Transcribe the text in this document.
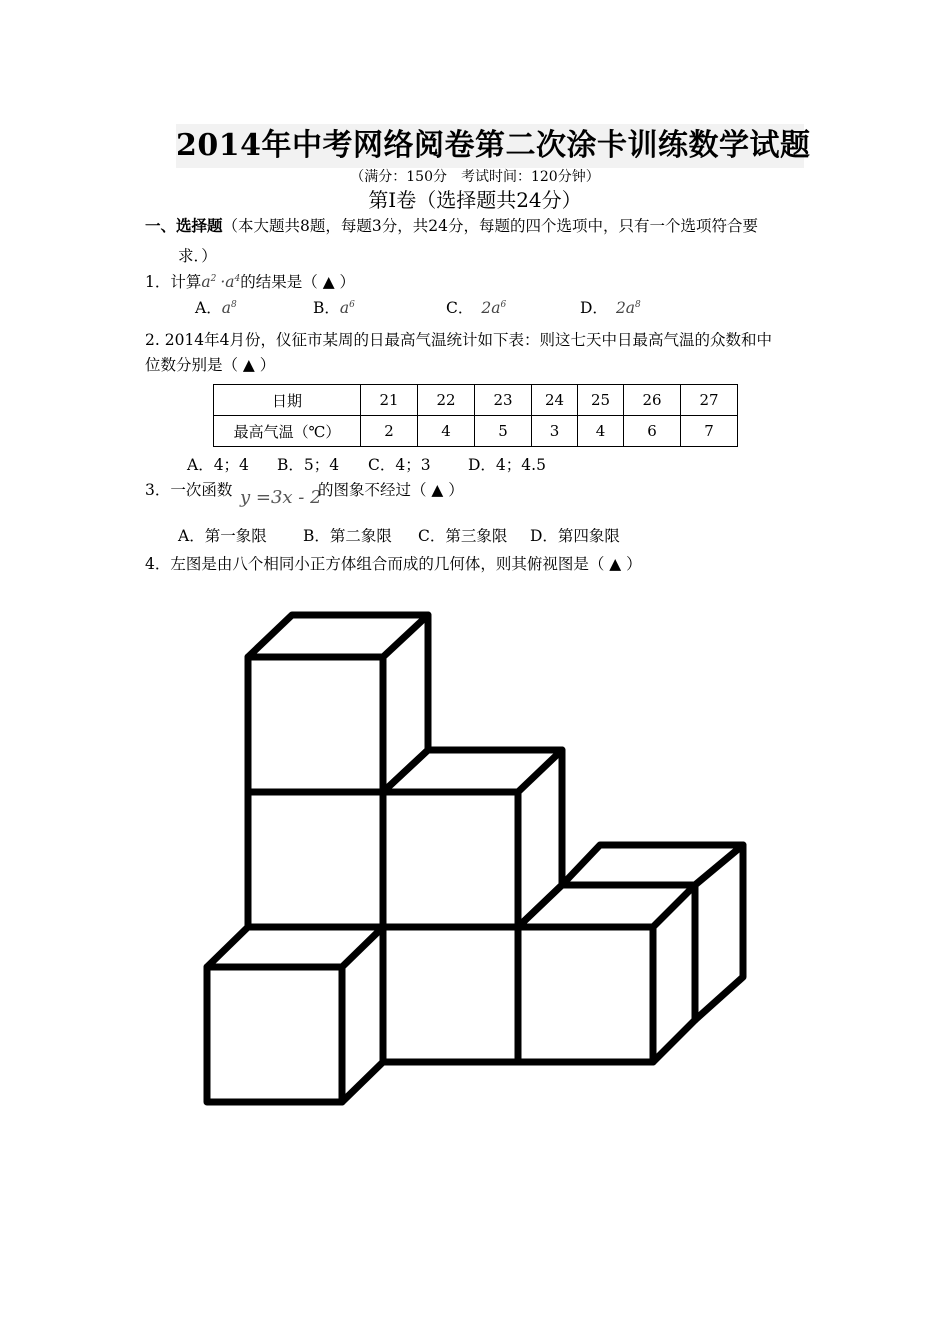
2014年中考网络阅卷第二次涂卡训练数学试题
（满分：150分　考试时间：120分钟）
第Ⅰ卷（选择题共24分）
一、选择题（本大题共8题，每题3分，共24分，每题的四个选项中，只有一个选项符合要
求．）
1．计算$a^2 \cdot a^4$的结果是（ ▲ ）
A．$a^8$	B．$a^6$	C． $2a^6$	D． $2a^8$
2. 2014年4月份，仪征市某周的日最高气温统计如下表：则这七天中日最高气温的众数和中
位数分别是（ ▲ ）
日期	21	22	23	24	25	26	27
最高气温（℃）	2	4	5	3	4	6	7
A．4；4 B．5；4 C．4；3 D．4；4.5
3．一次函数 y =3x - 2
的图象不经过（ ▲ ）
A．第一象限 B．第二象限 C．第三象限 D．第四象限
4．左图是由八个相同小正方体组合而成的几何体，则其俯视图是（ ▲ ）
